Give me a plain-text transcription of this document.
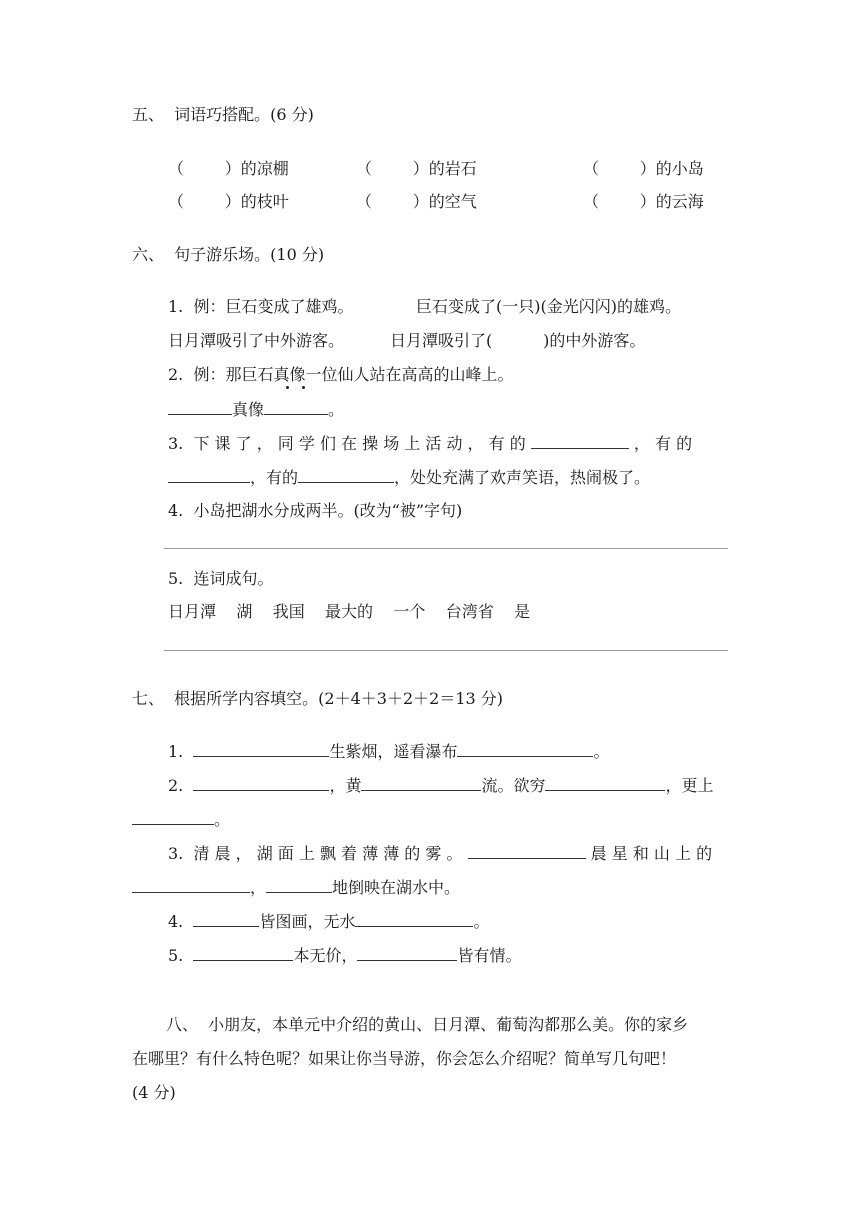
五、  词语巧搭配。(6 分)
（        ）的凉棚	（        ）的岩石	（        ）的小岛
（        ）的枝叶	（        ）的空气	（        ）的云海
六、  句子游乐场。(10 分)
1.  例：巨石变成了雄鸡。	巨石变成了(一只)(金光闪闪)的雄鸡。
日月潭吸引了中外游客。	日月潭吸引了(          )的中外游客。
2.  例：那巨石真像一位仙人站在高高的山峰上。
真像	。
3.  下 课 了 ， 同 学 们 在 操 场 上 活 动 ， 有 的	， 有 的
，有的	，处处充满了欢声笑语，热闹极了。
4.  小岛把湖水分成两半。(改为“被”字句)
5.  连词成句。
日月潭    湖    我国    最大的    一个    台湾省    是
七、  根据所学内容填空。(2＋4＋3＋2＋2＝13 分)
1.	生紫烟，遥看瀑布	。
2.	，黄	流。欲穷	，更上
。
3.  清 晨 ， 湖 面 上 飘 着 薄 薄 的 雾 。	晨 星 和 山 上 的
，	地倒映在湖水中。
4.	皆图画，无水	。
5.	本无价，	皆有情。
八、  小朋友，本单元中介绍的黄山、日月潭、葡萄沟都那么美。你的家乡
在哪里？有什么特色呢？如果让你当导游，你会怎么介绍呢？简单写几句吧！
(4 分)
